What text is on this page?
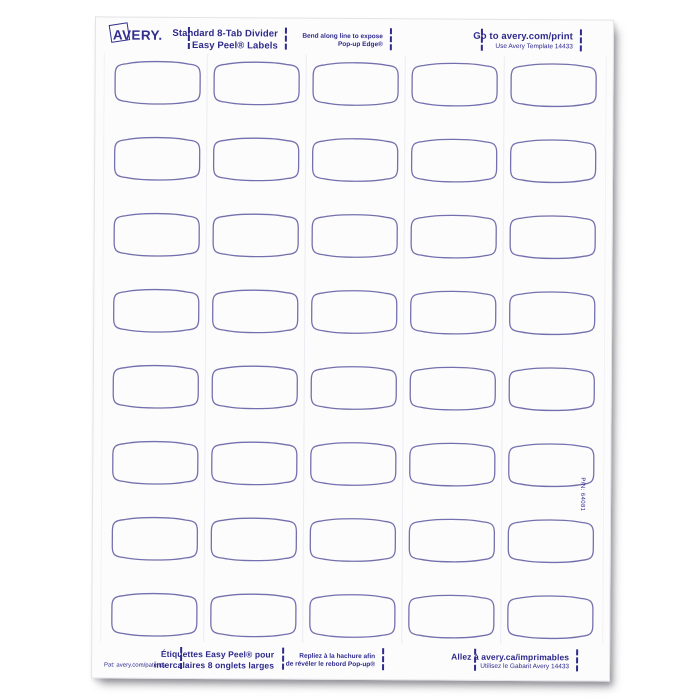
AVERY.	Standard 8-Tab Divider
Easy Peel® Labels
Bend along line to expose
Pop-up Edge®
Go to avery.com/print
Use Avery Template 14433
P/N: 64081
Pat: avery.com/patents
Étiquettes Easy Peel® pour
intercalaires 8 onglets larges
Repliez à la hachure afin
de révéler le rebord Pop-up®
Allez à avery.ca/imprimables
Utilisez le Gabarit Avery 14433
